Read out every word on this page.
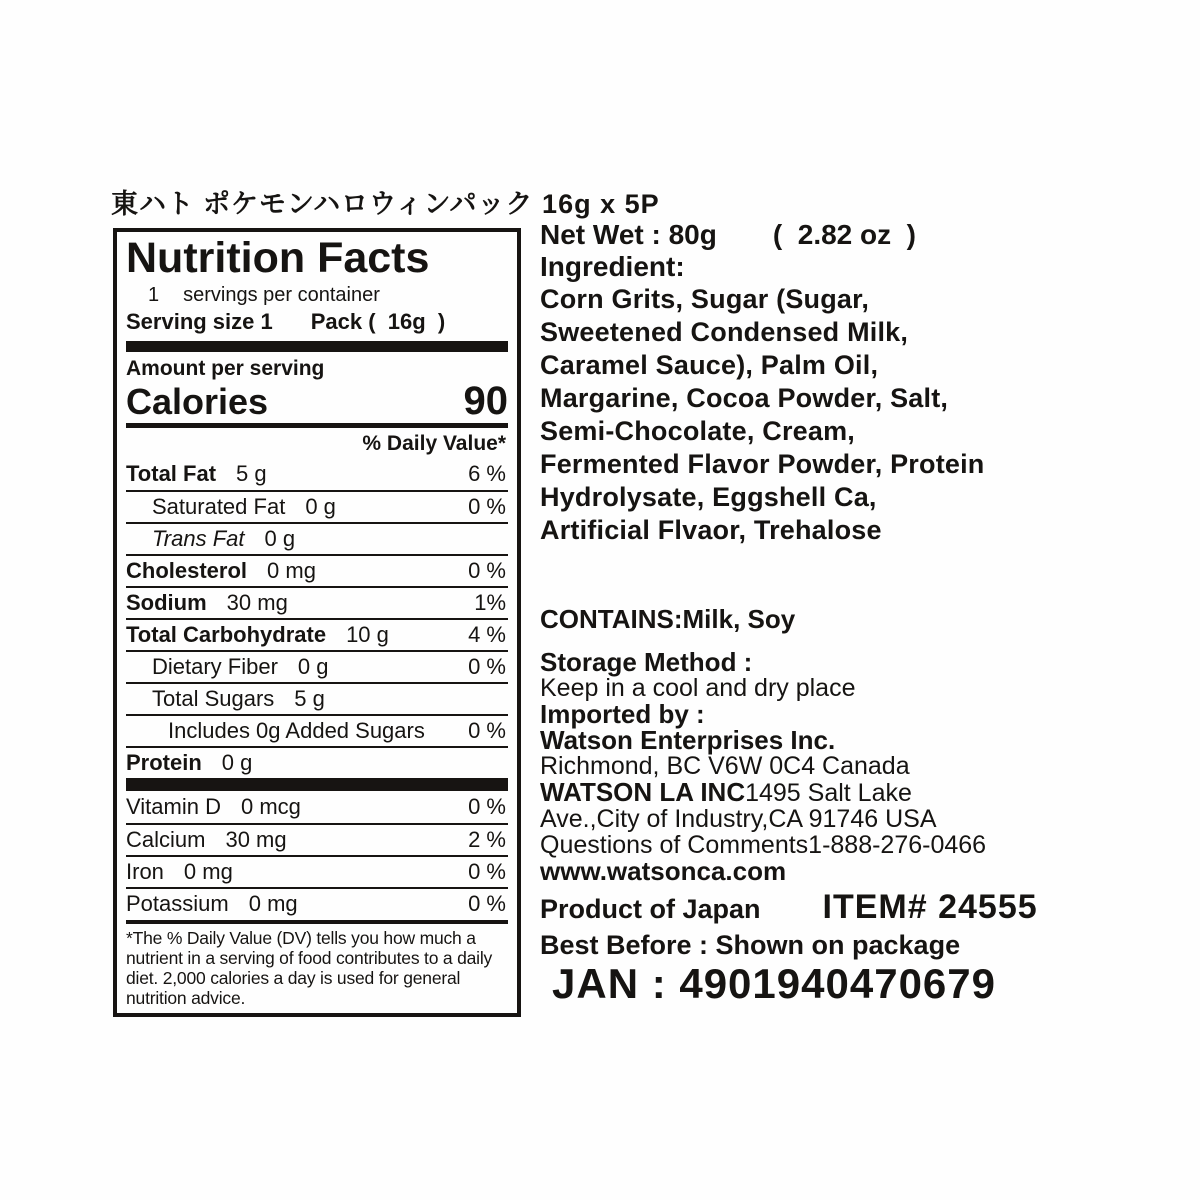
東ハト ポケモンハロウィンパック 16g x 5P
Nutrition Facts
1 servings per container
Serving size 1 Pack (  16g  )
Amount per serving
Calories	90
% Daily Value*
Total Fat 5 g	6 %
Saturated Fat 0 g	0 %
Trans Fat 0 g
Cholesterol 0 mg	0 %
Sodium 30 mg	1%
Total Carbohydrate 10 g	4 %
Dietary Fiber 0 g	0 %
Total Sugars 5 g
Includes 0g Added Sugars 0 %
Protein 0 g
Vitamin D 0 mcg	0 %
Calcium 30 mg	2 %
Iron 0 mg	0 %
Potassium 0 mg	0 %
*The % Daily Value (DV) tells you how much a nutrient in a serving of food contributes to a daily diet. 2,000 calories a day is used for general nutrition advice.
Net Wet : 80g (  2.82 oz  )
Ingredient:
Corn Grits, Sugar (Sugar,
Sweetened Condensed Milk,
Caramel Sauce), Palm Oil,
Margarine, Cocoa Powder, Salt,
Semi-Chocolate, Cream,
Fermented Flavor Powder, Protein
Hydrolysate, Eggshell Ca,
Artificial Flvaor, Trehalose
CONTAINS:Milk, Soy
Storage Method :
Keep in a cool and dry place
Imported by :
Watson Enterprises Inc.
Richmond, BC V6W 0C4 Canada
WATSON LA INC1495 Salt Lake
Ave.,City of Industry,CA 91746 USA
Questions of Comments1-888-276-0466
www.watsonca.com
Product of Japan ITEM# 24555
Best Before : Shown on package
JAN : 4901940470679
